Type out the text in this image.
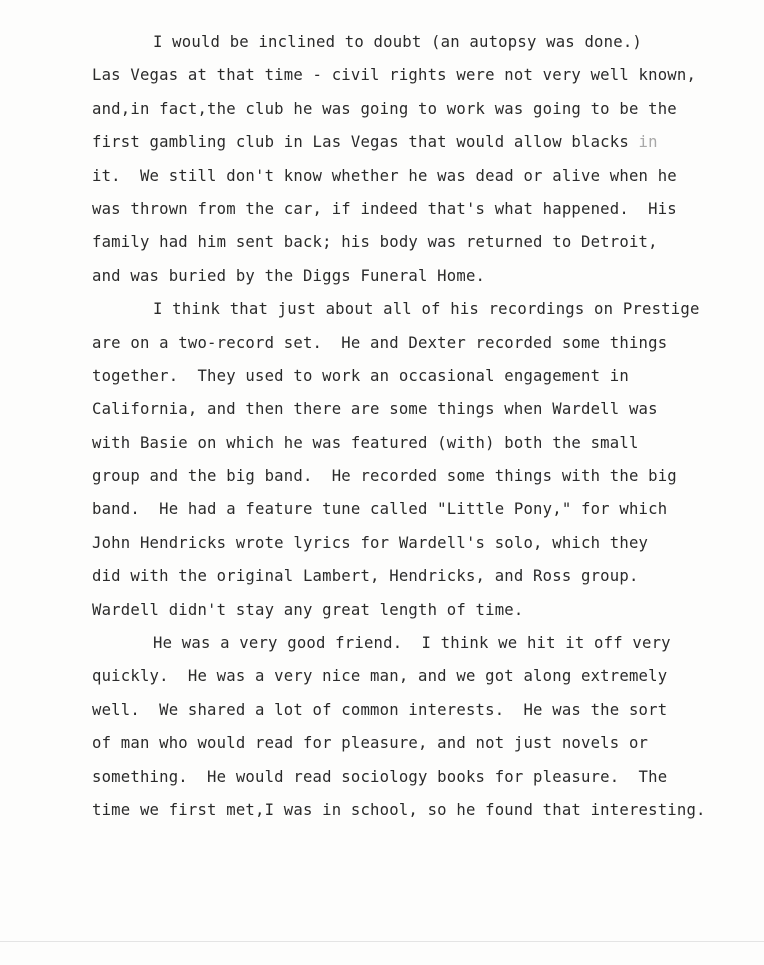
I would be inclined to doubt (an autopsy was done.)
Las Vegas at that time - civil rights were not very well known,
and,in fact,the club he was going to work was going to be the
first gambling club in Las Vegas that would allow blacks in
it.  We still don't know whether he was dead or alive when he
was thrown from the car, if indeed that's what happened.  His
family had him sent back; his body was returned to Detroit,
and was buried by the Diggs Funeral Home.
I think that just about all of his recordings on Prestige
are on a two-record set.  He and Dexter recorded some things
together.  They used to work an occasional engagement in
California, and then there are some things when Wardell was
with Basie on which he was featured (with) both the small
group and the big band.  He recorded some things with the big
band.  He had a feature tune called "Little Pony," for which
John Hendricks wrote lyrics for Wardell's solo, which they
did with the original Lambert, Hendricks, and Ross group.
Wardell didn't stay any great length of time.
He was a very good friend.  I think we hit it off very
quickly.  He was a very nice man, and we got along extremely
well.  We shared a lot of common interests.  He was the sort
of man who would read for pleasure, and not just novels or
something.  He would read sociology books for pleasure.  The
time we first met,I was in school, so he found that interesting.
